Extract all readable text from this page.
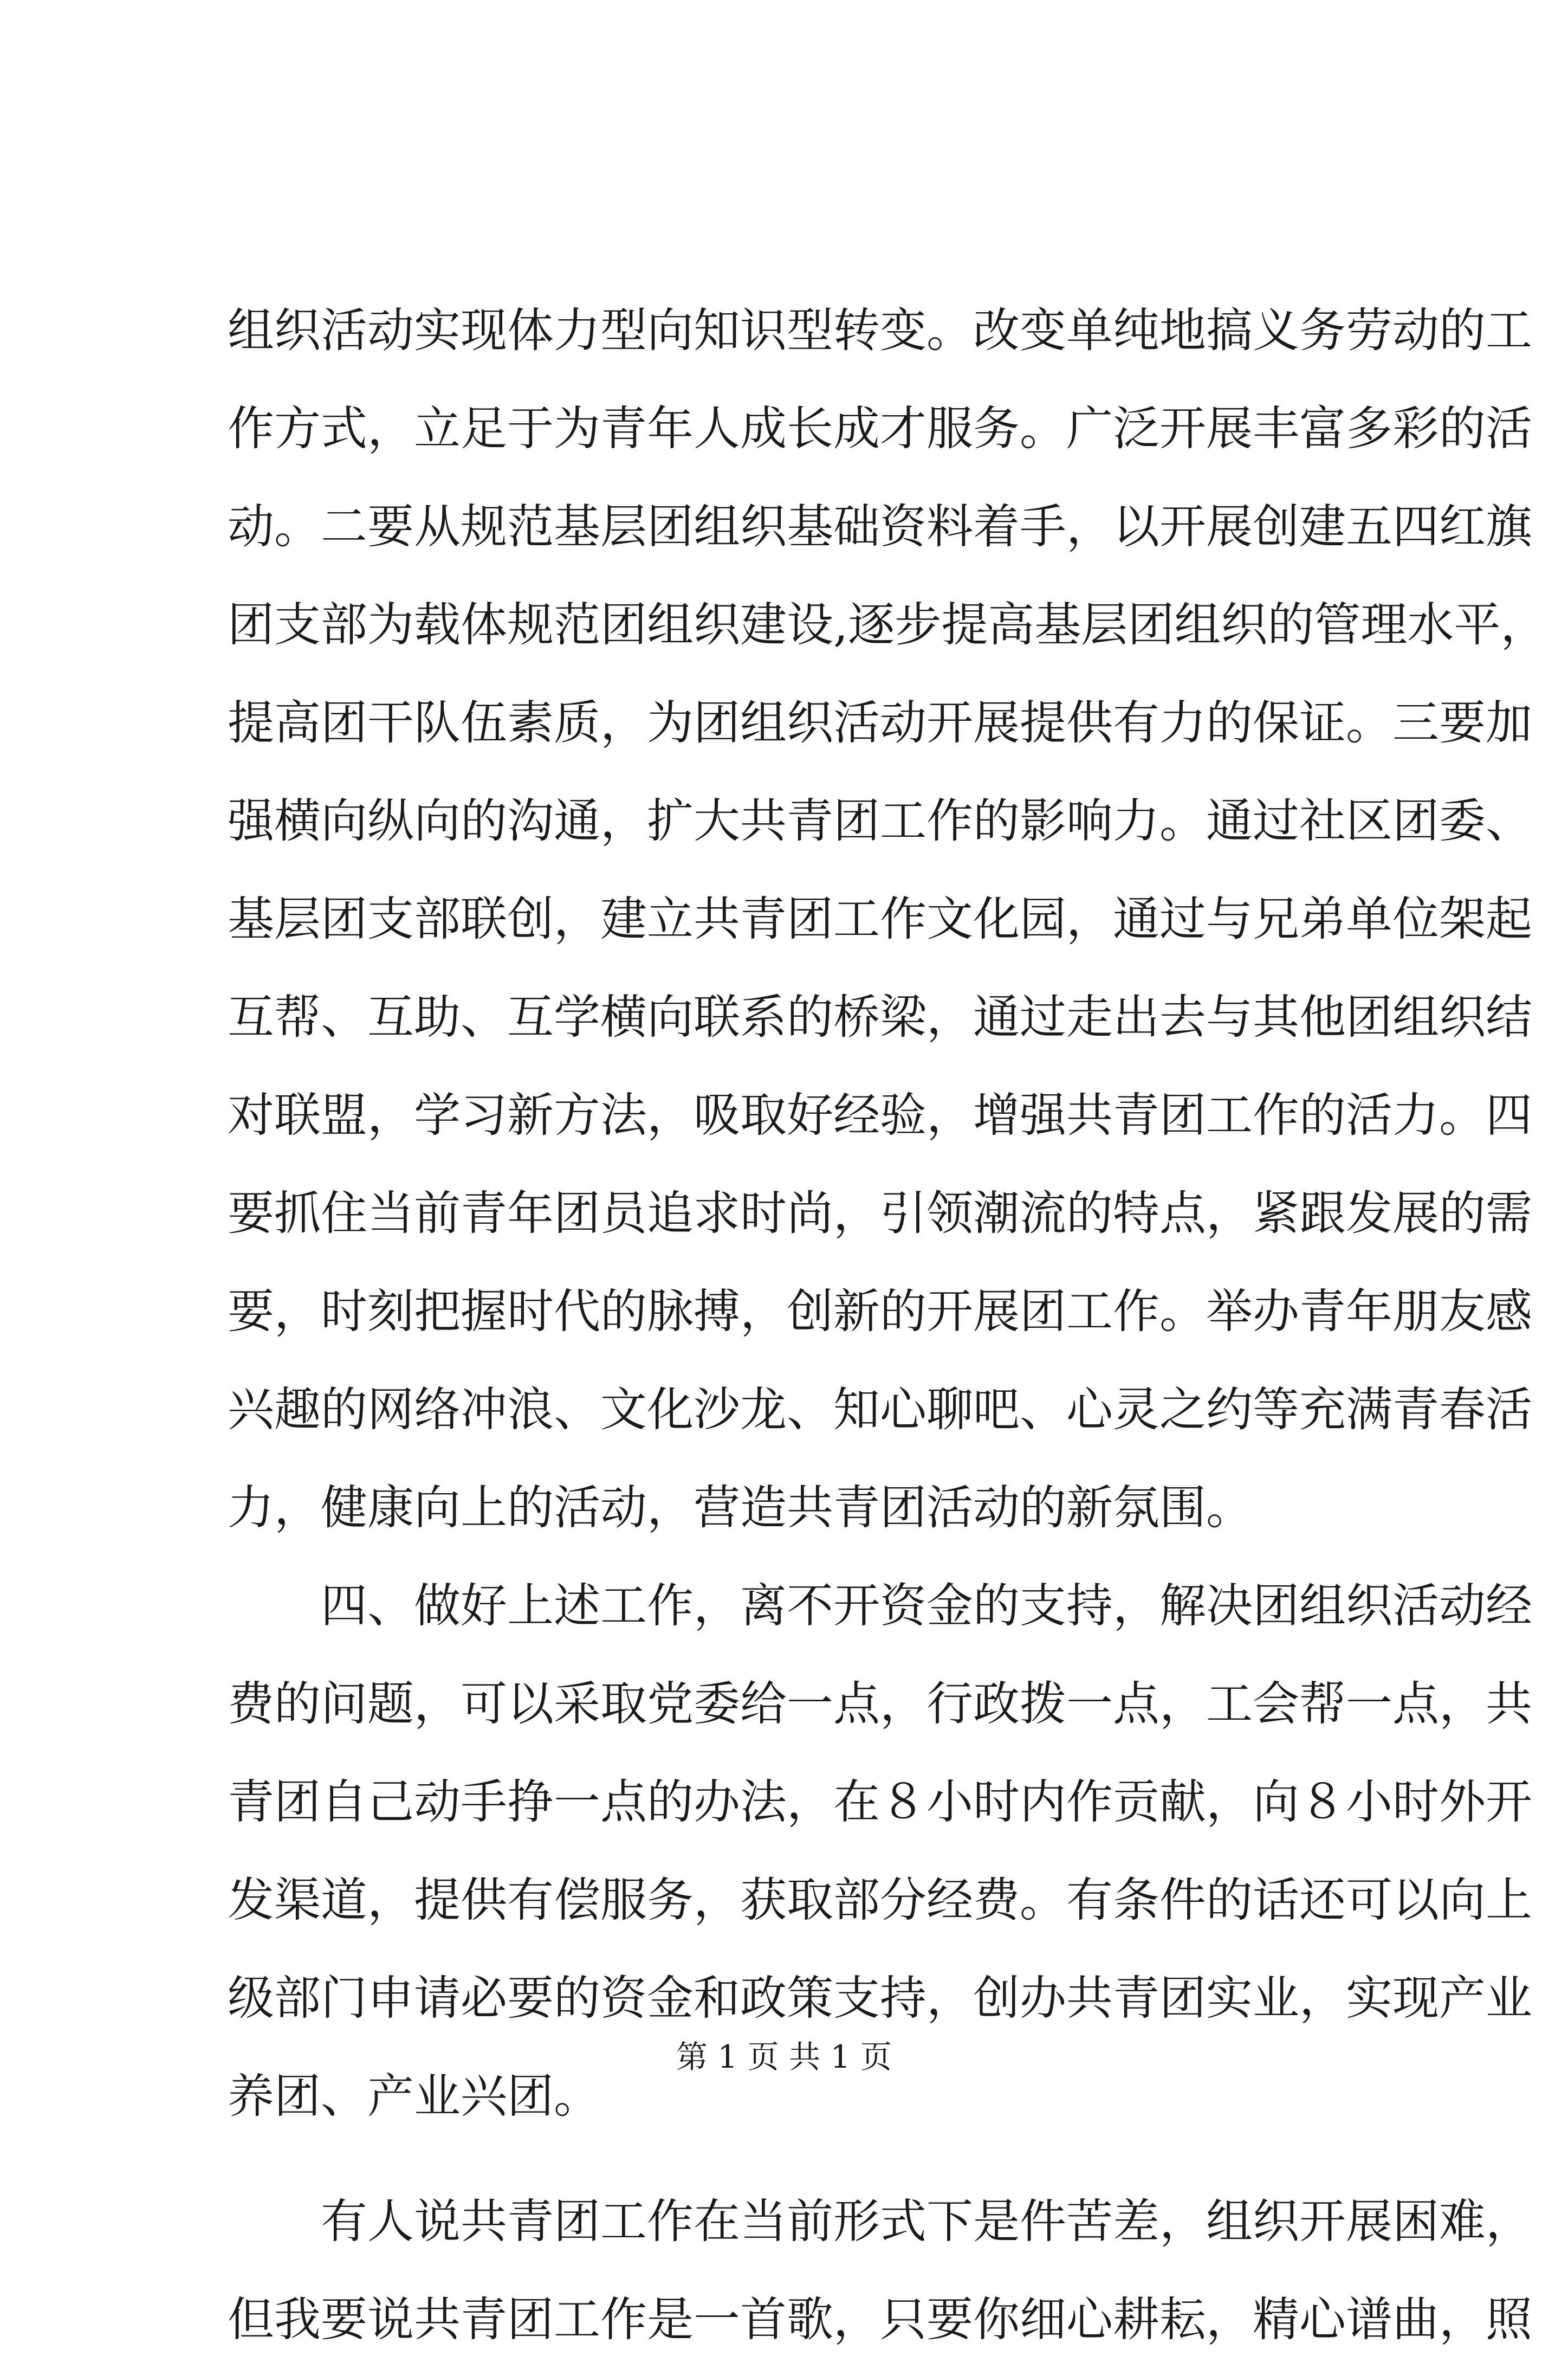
组织活动实现体力型向知识型转变。改变单纯地搞义务劳动的工
作方式，立足于为青年人成长成才服务。广泛开展丰富多彩的活
动。二要从规范基层团组织基础资料着手，以开展创建五四红旗
团支部为载体规范团组织建设,逐步提高基层团组织的管理水平，
提高团干队伍素质，为团组织活动开展提供有力的保证。三要加
强横向纵向的沟通，扩大共青团工作的影响力。通过社区团委、
基层团支部联创，建立共青团工作文化园，通过与兄弟单位架起
互帮、互助、互学横向联系的桥梁，通过走出去与其他团组织结
对联盟，学习新方法，吸取好经验，增强共青团工作的活力。四
要抓住当前青年团员追求时尚，引领潮流的特点，紧跟发展的需
要，时刻把握时代的脉搏，创新的开展团工作。举办青年朋友感
兴趣的网络冲浪、文化沙龙、知心聊吧、心灵之约等充满青春活
力，健康向上的活动，营造共青团活动的新氛围。
　　四、做好上述工作，离不开资金的支持，解决团组织活动经
费的问题，可以采取党委给一点，行政拨一点，工会帮一点，共
青团自己动手挣一点的办法，在８小时内作贡献，向８小时外开
发渠道，提供有偿服务，获取部分经费。有条件的话还可以向上
级部门申请必要的资金和政策支持，创办共青团实业，实现产业
养团、产业兴团。
　　有人说共青团工作在当前形式下是件苦差，组织开展困难，
但我要说共青团工作是一首歌，只要你细心耕耘，精心谱曲，照
第 1 页 共 1 页
